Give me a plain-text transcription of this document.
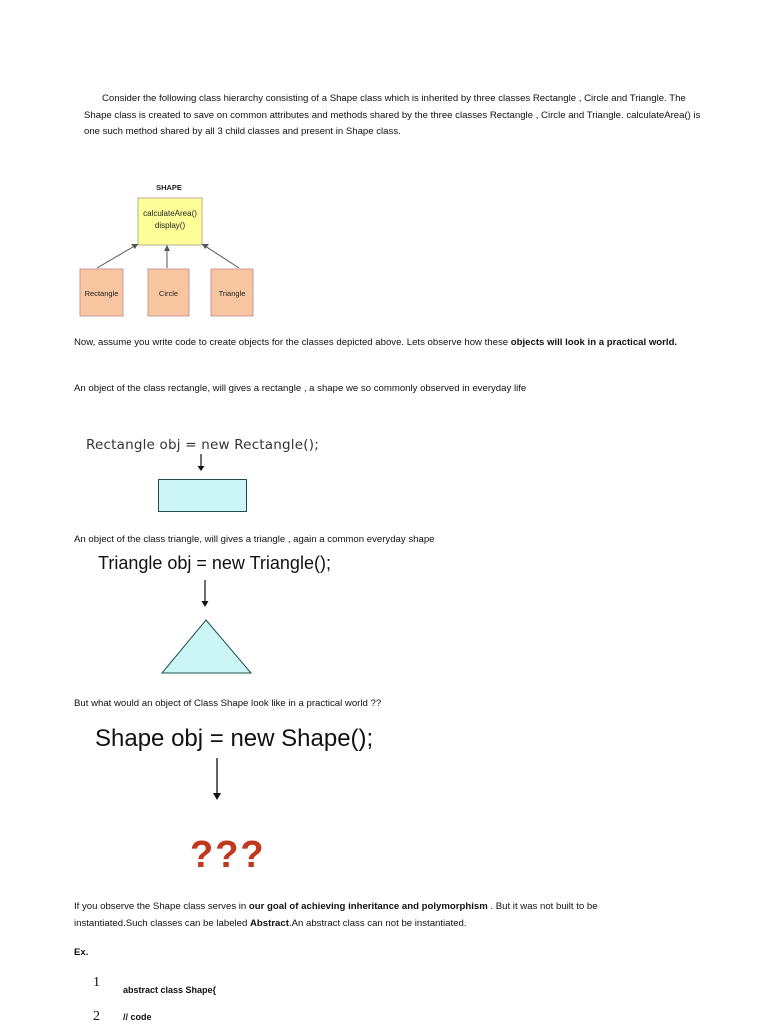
Consider the following class hierarchy consisting of a Shape class which is inherited by three classes Rectangle , Circle and Triangle. The Shape class is created to save on common attributes and methods shared by the three classes Rectangle , Circle and Triangle. calculateArea() is one such method shared by all 3 child classes and present in Shape class.
SHAPE
calculateArea()
display()
Rectangle	Circle	Triangle
Now, assume you write code to create objects for the classes depicted above. Lets observe how these objects will look in a practical world.
An object of the class rectangle, will gives a rectangle , a shape we so commonly observed in everyday life
Rectangle obj = new Rectangle();
An object of the class triangle, will gives a triangle , again a common everyday shape
Triangle obj = new Triangle();
But what would an object of Class Shape look like in a practical world ??
Shape obj = new Shape();
???
If you observe the Shape class serves in our goal of achieving inheritance and polymorphism . But it was not built to be instantiated.Such classes can be labeled Abstract.An abstract class can not be instantiated.
Ex.
1	abstract class Shape{
2	// code
